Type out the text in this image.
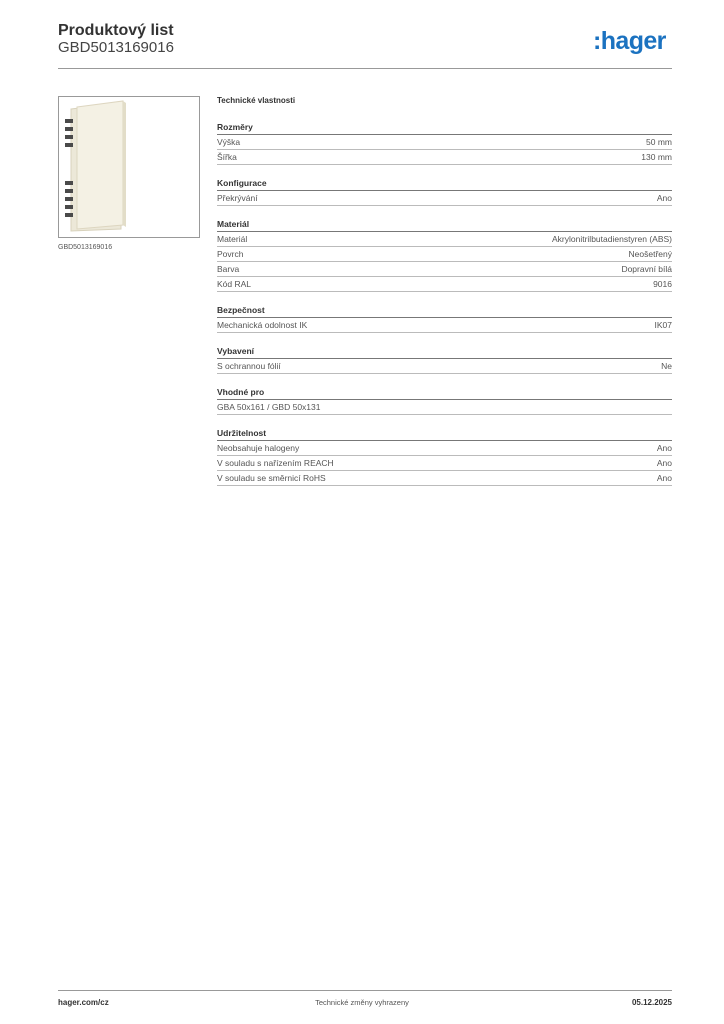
Produktový list
GBD5013169016	:hager
GBD5013169016
Technické vlastnosti
Rozměry
Výška	50 mm
Šířka	130 mm
Konfigurace
Překrývání	Ano
Materiál
Materiál	Akrylonitrilbutadienstyren (ABS)
Povrch	Neošetřený
Barva	Dopravní bílá
Kód RAL	9016
Bezpečnost
Mechanická odolnost IK	IK07
Vybavení
S ochrannou fólií	Ne
Vhodné pro
GBA 50x161 / GBD 50x131
Udržitelnost
Neobsahuje halogeny	Ano
V souladu s nařízením REACH	Ano
V souladu se směrnicí RoHS	Ano
hager.com/cz	Technické změny vyhrazeny	05.12.2025
